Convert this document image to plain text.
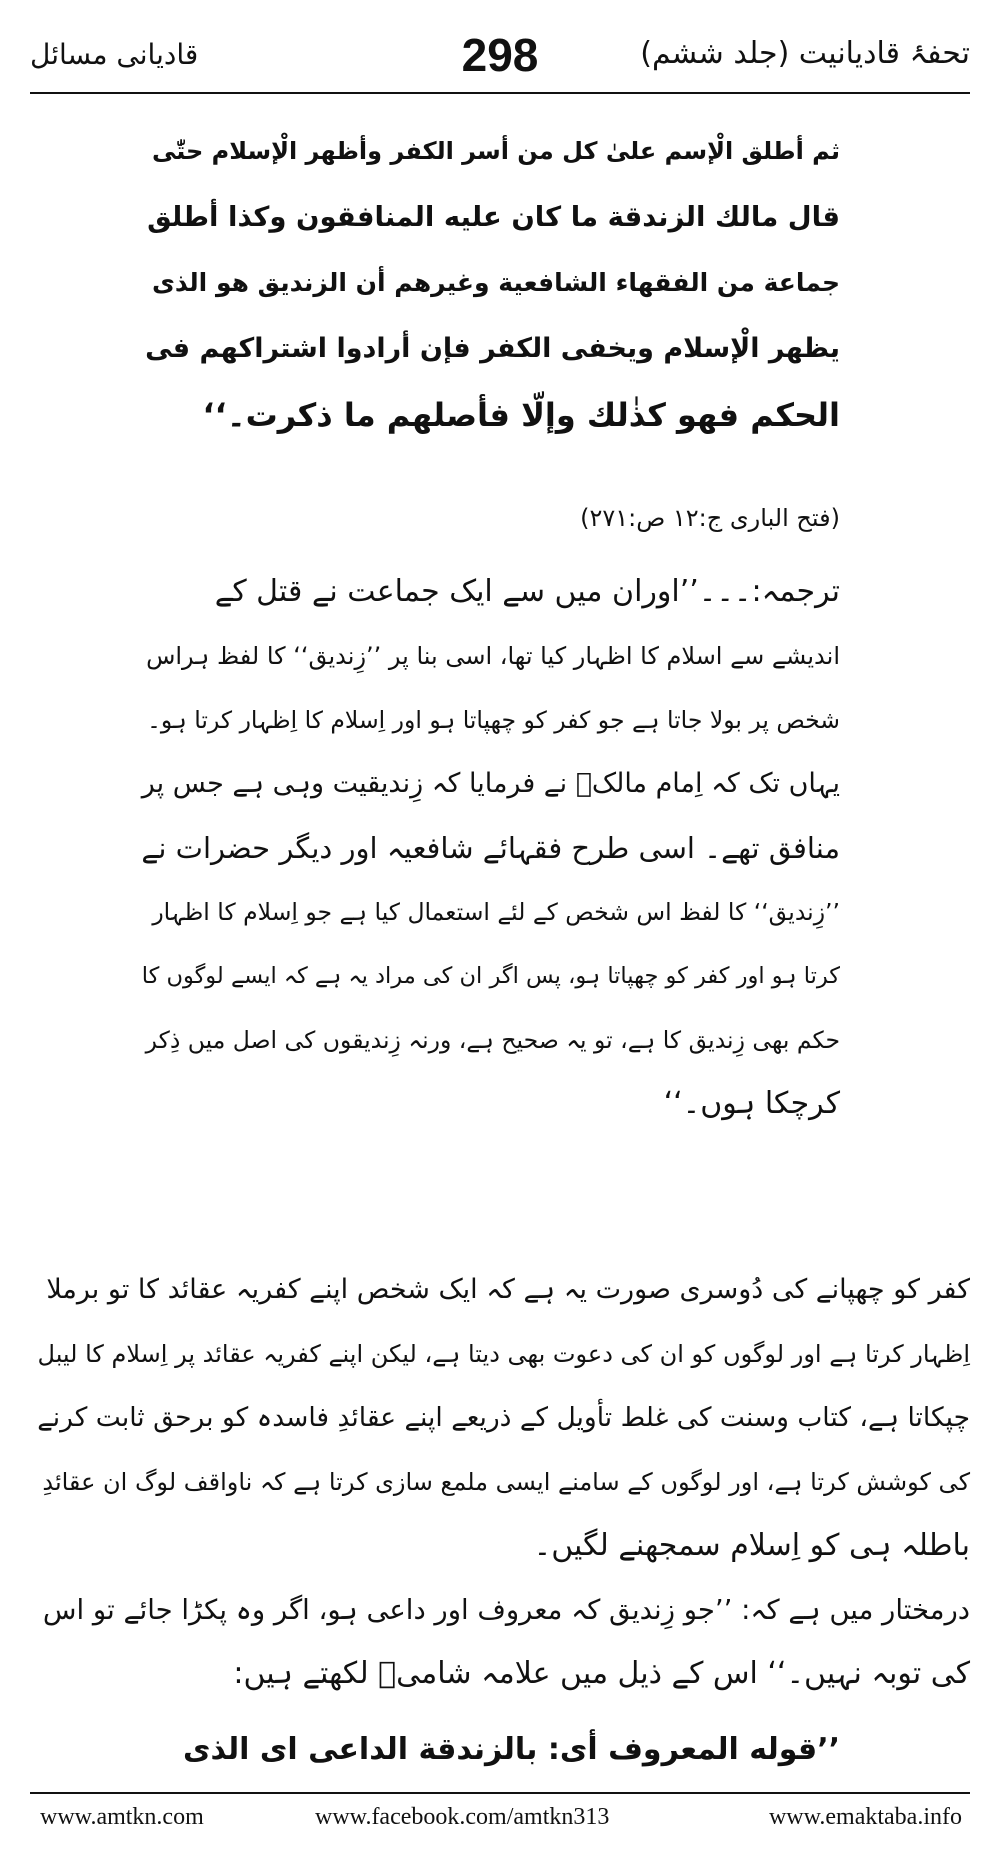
تحفۂ قادیانیت (جلد ششم)
298
قادیانی مسائل
ثم أطلق الْإسم علىٰ كل من أسر الكفر وأظهر الْإسلام حتّٰى
قال مالك الزندقة ما كان عليه المنافقون وكذا أطلق
جماعة من الفقهاء الشافعية وغيرهم أن الزنديق هو الذى
يظهر الْإسلام ويخفى الكفر فإن أرادوا اشتراكهم فى
الحكم فهو كذٰلك وإلّا فأصلهم ما ذكرت۔‘‘
(فتح الباری ج:۱۲ ص:۲۷۱)
ترجمہ:۔۔۔’’اوران میں سے ایک جماعت نے قتل کے
اندیشے سے اسلام کا اظہار کیا تھا، اسی بنا پر ’’زِندیق‘‘ کا لفظ ہراس
شخص پر بولا جاتا ہے جو کفر کو چھپاتا ہو اور اِسلام کا اِظہار کرتا ہو۔
یہاں تک کہ اِمام مالکؒ نے فرمایا کہ زِندیقیت وہی ہے جس پر
منافق تھے۔ اسی طرح فقہائے شافعیہ اور دیگر حضرات نے
’’زِندیق‘‘ کا لفظ اس شخص کے لئے استعمال کیا ہے جو اِسلام کا اظہار
کرتا ہو اور کفر کو چھپاتا ہو، پس اگر ان کی مراد یہ ہے کہ ایسے لوگوں کا
حکم بھی زِندیق کا ہے، تو یہ صحیح ہے، ورنہ زِندیقوں کی اصل میں ذِکر
کرچکا ہوں۔‘‘
کفر کو چھپانے کی دُوسری صورت یہ ہے کہ ایک شخص اپنے کفریہ عقائد کا تو برملا
اِظہار کرتا ہے اور لوگوں کو ان کی دعوت بھی دیتا ہے، لیکن اپنے کفریہ عقائد پر اِسلام کا لیبل
چپکاتا ہے، کتاب وسنت کی غلط تأویل کے ذریعے اپنے عقائدِ فاسدہ کو برحق ثابت کرنے
کی کوشش کرتا ہے، اور لوگوں کے سامنے ایسی ملمع سازی کرتا ہے کہ ناواقف لوگ ان عقائدِ
باطلہ ہی کو اِسلام سمجھنے لگیں۔
درمختار میں ہے کہ: ’’جو زِندیق کہ معروف اور داعی ہو، اگر وہ پکڑا جائے تو اس
کی توبہ نہیں۔‘‘ اس کے ذیل میں علامہ شامیؒ لکھتے ہیں:
’’قوله المعروف أى: بالزندقة الداعى اى الذى
www.amtkn.com	www.facebook.com/amtkn313	www.emaktaba.info
